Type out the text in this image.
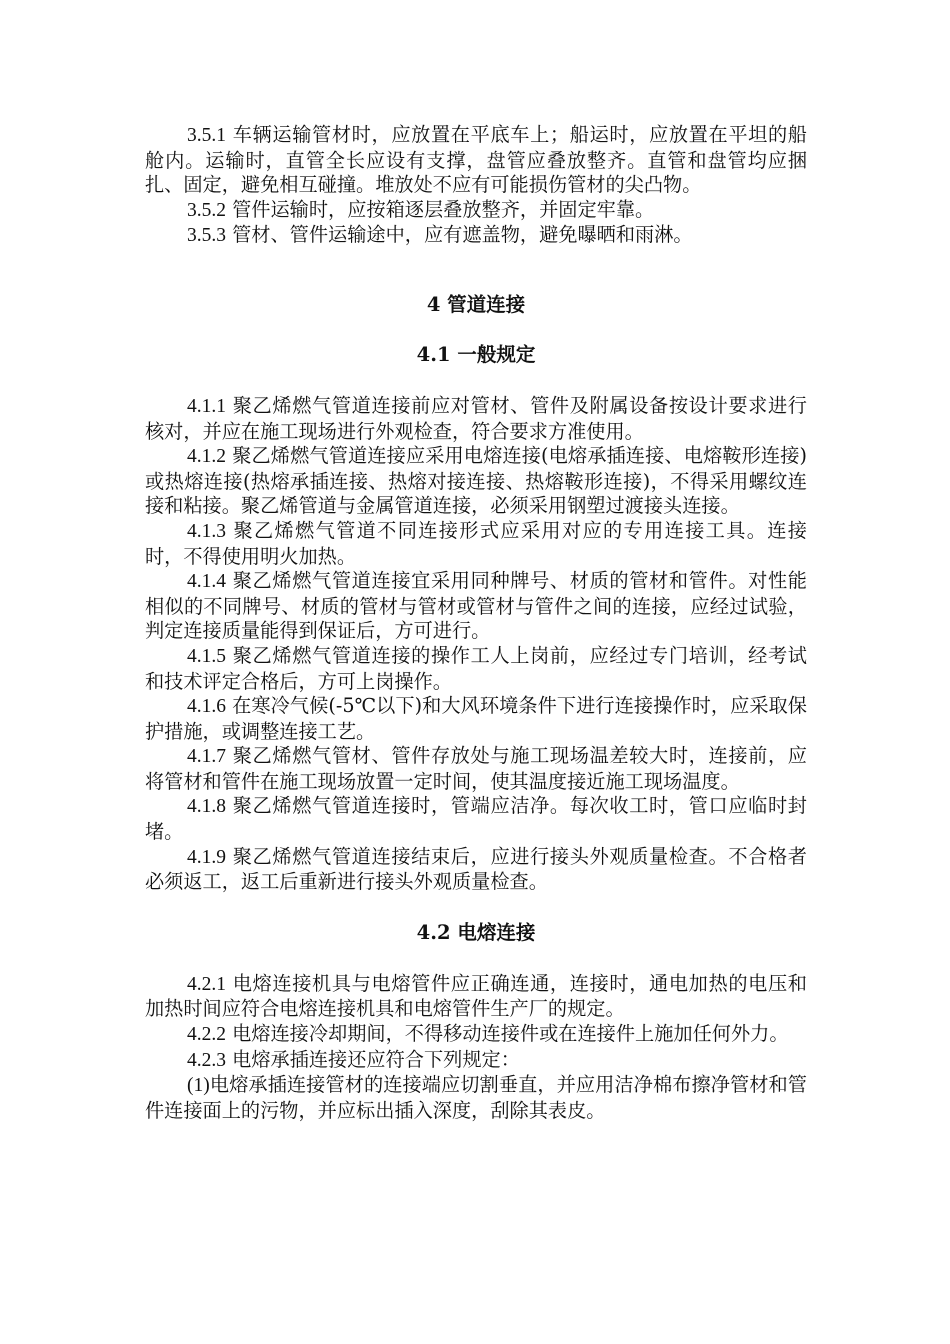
3.5.1 车辆运输管材时，应放置在平底车上；船运时，应放置在平坦的船舱内。运输时，直管全长应设有支撑，盘管应叠放整齐。直管和盘管均应捆扎、固定，避免相互碰撞。堆放处不应有可能损伤管材的尖凸物。

3.5.2 管件运输时，应按箱逐层叠放整齐，并固定牢靠。

3.5.3 管材、管件运输途中，应有遮盖物，避免曝晒和雨淋。

4 管道连接

4.1 一般规定

4.1.1 聚乙烯燃气管道连接前应对管材、管件及附属设备按设计要求进行核对，并应在施工现场进行外观检查，符合要求方准使用。

4.1.2 聚乙烯燃气管道连接应采用电熔连接(电熔承插连接、电熔鞍形连接)或热熔连接(热熔承插连接、热熔对接连接、热熔鞍形连接)，不得采用螺纹连接和粘接。聚乙烯管道与金属管道连接，必须采用钢塑过渡接头连接。

4.1.3 聚乙烯燃气管道不同连接形式应采用对应的专用连接工具。连接时，不得使用明火加热。

4.1.4 聚乙烯燃气管道连接宜采用同种牌号、材质的管材和管件。对性能相似的不同牌号、材质的管材与管材或管材与管件之间的连接，应经过试验，判定连接质量能得到保证后，方可进行。

4.1.5 聚乙烯燃气管道连接的操作工人上岗前，应经过专门培训，经考试和技术评定合格后，方可上岗操作。

4.1.6 在寒冷气候(-5℃以下)和大风环境条件下进行连接操作时，应采取保护措施，或调整连接工艺。

4.1.7 聚乙烯燃气管材、管件存放处与施工现场温差较大时，连接前，应将管材和管件在施工现场放置一定时间，使其温度接近施工现场温度。

4.1.8 聚乙烯燃气管道连接时，管端应洁净。每次收工时，管口应临时封堵。

4.1.9 聚乙烯燃气管道连接结束后，应进行接头外观质量检查。不合格者必须返工，返工后重新进行接头外观质量检查。

4.2 电熔连接

4.2.1 电熔连接机具与电熔管件应正确连通，连接时，通电加热的电压和加热时间应符合电熔连接机具和电熔管件生产厂的规定。

4.2.2 电熔连接冷却期间，不得移动连接件或在连接件上施加任何外力。

4.2.3 电熔承插连接还应符合下列规定：

(1)电熔承插连接管材的连接端应切割垂直，并应用洁净棉布擦净管材和管件连接面上的污物，并应标出插入深度，刮除其表皮。
